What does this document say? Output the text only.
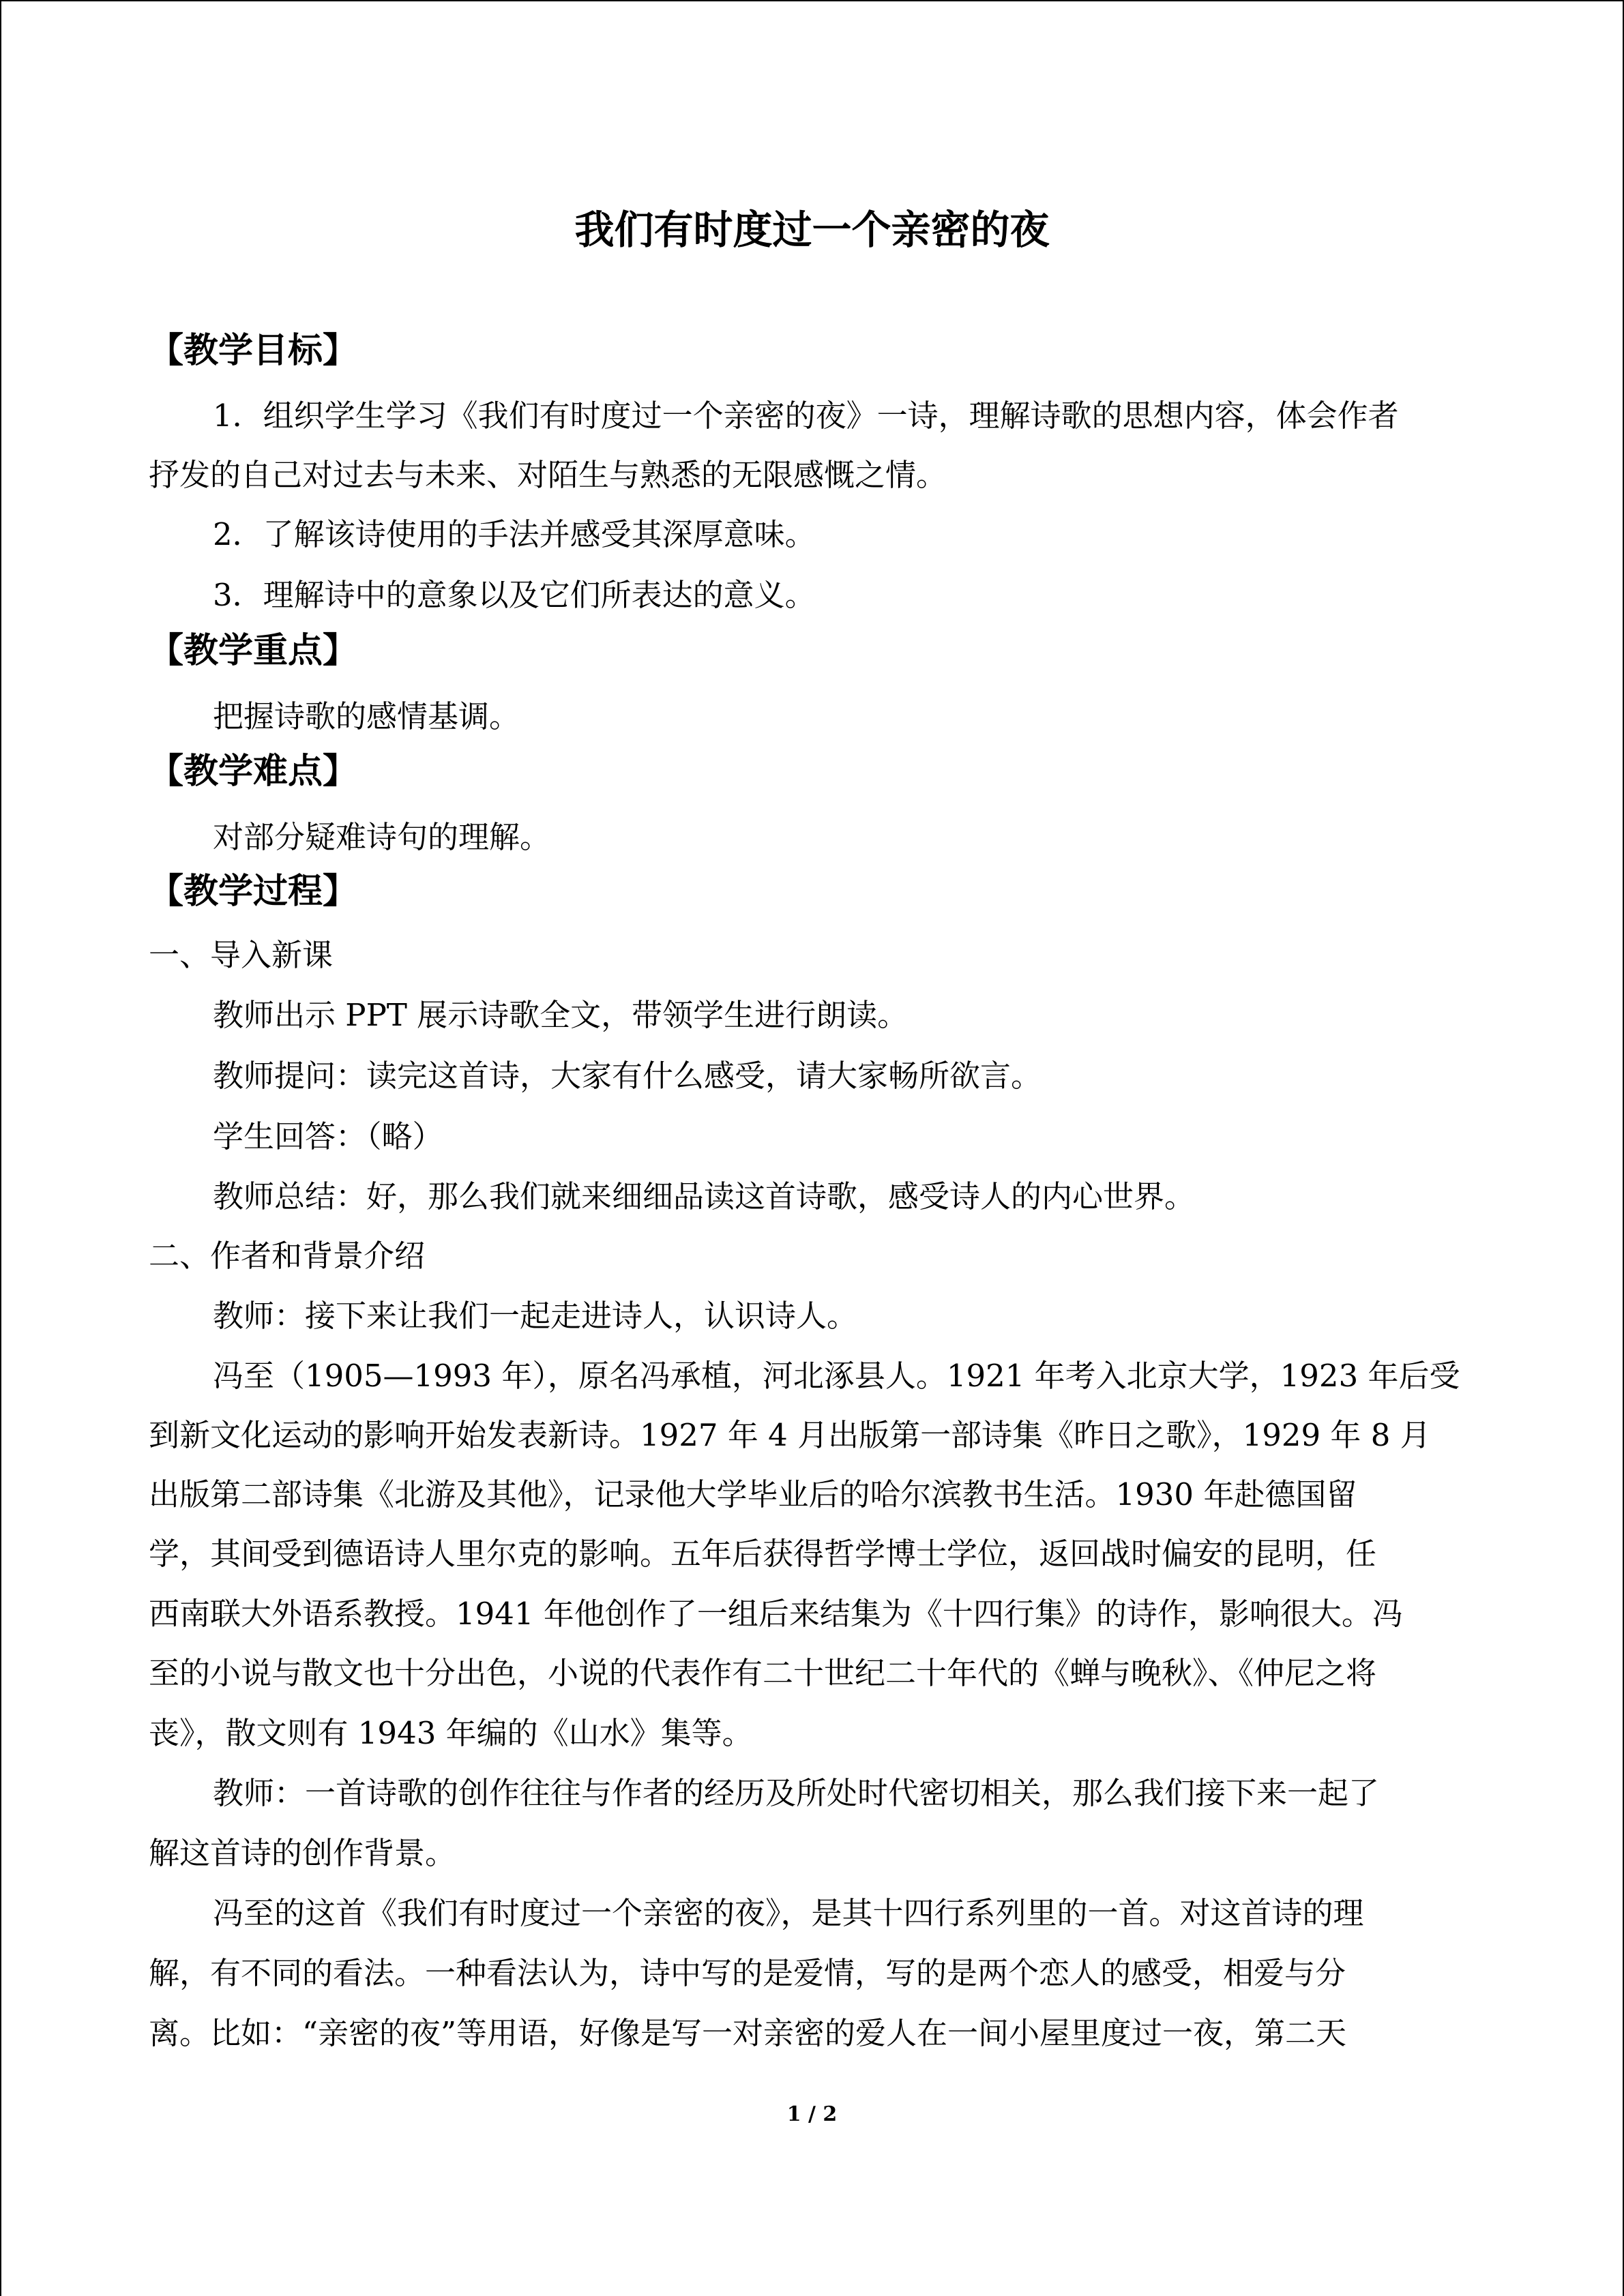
我们有时度过一个亲密的夜
【教学目标】
1．组织学生学习《我们有时度过一个亲密的夜》一诗，理解诗歌的思想内容，体会作者
抒发的自己对过去与未来、对陌生与熟悉的无限感慨之情。
2．了解该诗使用的手法并感受其深厚意味。
3．理解诗中的意象以及它们所表达的意义。
【教学重点】
把握诗歌的感情基调。
【教学难点】
对部分疑难诗句的理解。
【教学过程】
一、导入新课
教师出示 PPT 展示诗歌全文，带领学生进行朗读。
教师提问：读完这首诗，大家有什么感受，请大家畅所欲言。
学生回答：（略）
教师总结：好，那么我们就来细细品读这首诗歌，感受诗人的内心世界。
二、作者和背景介绍
教师：接下来让我们一起走进诗人，认识诗人。
冯至（1905—1993 年），原名冯承植，河北涿县人。1921 年考入北京大学，1923 年后受
到新文化运动的影响开始发表新诗。1927 年 4 月出版第一部诗集《昨日之歌》，1929 年 8 月
出版第二部诗集《北游及其他》，记录他大学毕业后的哈尔滨教书生活。1930 年赴德国留
学，其间受到德语诗人里尔克的影响。五年后获得哲学博士学位，返回战时偏安的昆明，任
西南联大外语系教授。1941 年他创作了一组后来结集为《十四行集》的诗作，影响很大。冯
至的小说与散文也十分出色，小说的代表作有二十世纪二十年代的《蝉与晚秋》、《仲尼之将
丧》，散文则有 1943 年编的《山水》集等。
教师：一首诗歌的创作往往与作者的经历及所处时代密切相关，那么我们接下来一起了
解这首诗的创作背景。
冯至的这首《我们有时度过一个亲密的夜》，是其十四行系列里的一首。对这首诗的理
解，有不同的看法。一种看法认为，诗中写的是爱情，写的是两个恋人的感受，相爱与分
离。比如：“亲密的夜”等用语，好像是写一对亲密的爱人在一间小屋里度过一夜，第二天
1 / 2
